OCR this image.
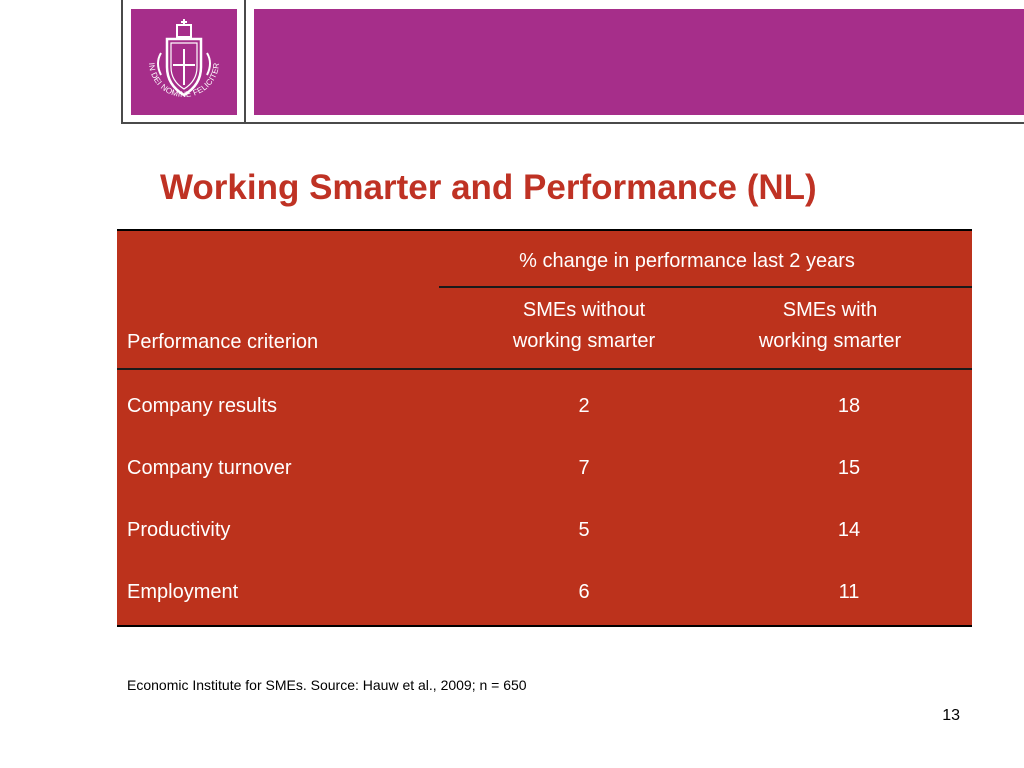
IN DEI NOMINE FELICITER
Working Smarter and Performance (NL)
% change in performance last 2 years
Performance criterion
SMEs without
working smarter
SMEs with
working smarter
Company results	2	18
Company turnover	7	15
Productivity	5	14
Employment	6	11
Economic Institute for SMEs. Source: Hauw et al., 2009; n = 650
13
